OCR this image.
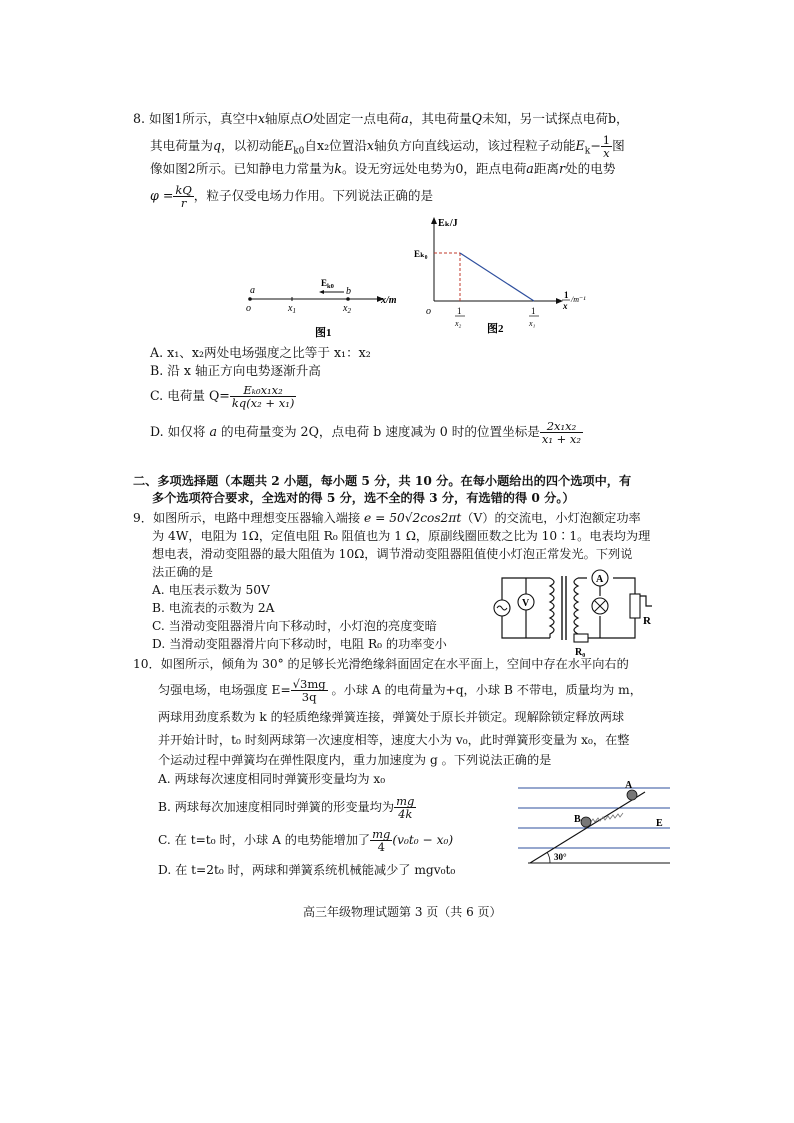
8. 如图1所示，真空中x轴原点O处固定一点电荷a，其电荷量Q未知，另一试探点电荷b，
其电荷量为q，以初动能$E_{k0}$自x₂位置沿x轴负方向直线运动，该过程粒子动能$E_k- \frac{1}{x}$ 图
像如图2所示。已知静电力常量为k。设无穷远处电势为0，距点电荷a距离r处的电势
$\varphi = \frac{kQ}{r}$ ，粒子仅受电场力作用。下列说法正确的是
a
o	$x_1$	$x_2$
$E_{k0}$ b
x/m
图1
Eₖ/J
Eₖ₀
o	1
x₂
1
x₁
1
x
/m⁻¹
图2
A. x₁、x₂两处电场强度之比等于 x₁：x₂
B. 沿 x 轴正方向电势逐渐升高
C. 电荷量 $Q= \frac{\text{Eₖ₀x₁x₂}}{\text{kq(x₂ + x₁)}}$
D. 如仅将 a 的电荷量变为 2Q，点电荷 b 速度减为 0 时的位置坐标是 $\frac{\text{2x₁x₂}}{\text{x₁ + x₂}}$
二、多项选择题（本题共 2 小题，每小题 5 分，共 10 分。在每小题给出的四个选项中，有
多个选项符合要求，全选对的得 5 分，选不全的得 3 分，有选错的得 0 分。）
9．如图所示，电路中理想变压器输入端接 e = 50√2cos2πt（V）的交流电，小灯泡额定功率
为 4W，电阻为 1Ω，定值电阻 R₀ 阻值也为 1 Ω，原副线圈匝数之比为 10∶1。电表均为理
想电表，滑动变阻器的最大阻值为 10Ω，调节滑动变阻器阻值使小灯泡正常发光。下列说
法正确的是
A. 电压表示数为 50V
B. 电流表的示数为 2A
C. 当滑动变阻器滑片向下移动时，小灯泡的亮度变暗
D. 当滑动变阻器滑片向下移动时，电阻 R₀ 的功率变小
V
A
R
R₀
10．如图所示，倾角为 30° 的足够长光滑绝缘斜面固定在水平面上，空间中存在水平向右的
匀强电场，电场强度 $E= \frac{√3mg}{3q}$ 。小球 A 的电荷量为+q，小球 B 不带电，质量均为 m，
两球用劲度系数为 k 的轻质绝缘弹簧连接，弹簧处于原长并锁定。现解除锁定释放两球
并开始计时，t₀ 时刻两球第一次速度相等，速度大小为 v₀，此时弹簧形变量为 x₀，在整
个运动过程中弹簧均在弹性限度内，重力加速度为 g 。下列说法正确的是
A. 两球每次速度相同时弹簧形变量均为 x₀
B. 两球每次加速度相同时弹簧的形变量均为 $\frac{mg}{4k}$
C. 在 t=t₀ 时，小球 A 的电势能增加了 $\frac{mg}{4} (v_0t_0 - x_0)$
D. 在 t=2t₀ 时，两球和弹簧系统机械能减少了 mgv₀t₀
30°
B
A
E
高三年级物理试题第 3 页（共 6 页）
